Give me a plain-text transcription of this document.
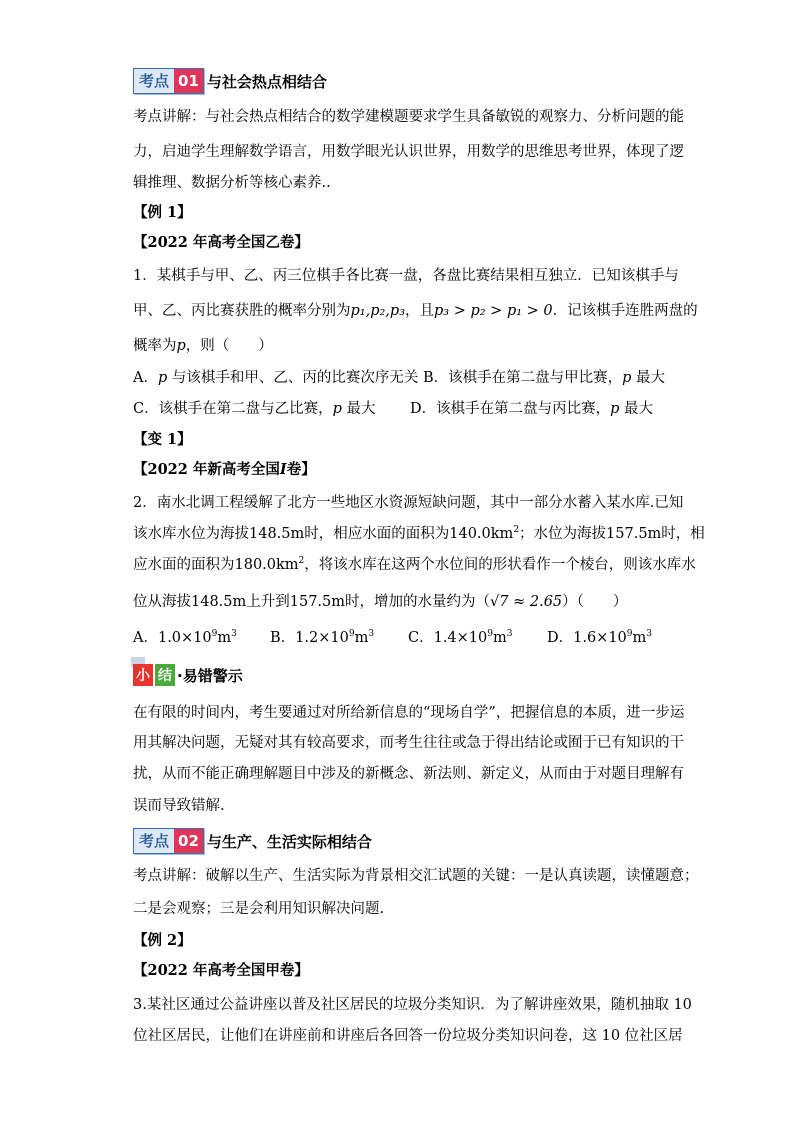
考点 01 与社会热点相结合
考点讲解：与社会热点相结合的数学建模题要求学生具备敏锐的观察力、分析问题的能
力，启迪学生理解数学语言，用数学眼光认识世界，用数学的思维思考世界，体现了逻
辑推理、数据分析等核心素养..
【例 1】
【2022 年高考全国乙卷】
1．某棋手与甲、乙、丙三位棋手各比赛一盘，各盘比赛结果相互独立．已知该棋手与
甲、乙、丙比赛获胜的概率分别为p₁,p₂,p₃，且p₃ > p₂ > p₁ > 0．记该棋手连胜两盘的
概率为p，则（　　）
A．p 与该棋手和甲、乙、丙的比赛次序无关 B．该棋手在第二盘与甲比赛，p 最大
C．该棋手在第二盘与乙比赛，p 最大 D．该棋手在第二盘与丙比赛，p 最大
【变 1】
【2022 年新高考全国I卷】
2．南水北调工程缓解了北方一些地区水资源短缺问题，其中一部分水蓄入某水库.已知
该水库水位为海拔148.5m时，相应水面的面积为$140.0km^2$；水位为海拔157.5m时，相
应水面的面积为$180.0km^2$，将该水库在这两个水位间的形状看作一个棱台，则该水库水
位从海拔148.5m上升到157.5m时，增加的水量约为（√7 ≈ 2.65）（　　）
A．$1.0\times 10^9m^3$ B．$1.2\times 10^9m^3$ C．$1.4\times 10^9m^3$ D．$1.6\times 10^9m^3$
小 结 ·易错警示
在有限的时间内，考生要通过对所给新信息的“现场自学”，把握信息的本质，进一步运
用其解决问题，无疑对其有较高要求，而考生往往或急于得出结论或囿于已有知识的干
扰，从而不能正确理解题目中涉及的新概念、新法则、新定义，从而由于对题目理解有
误而导致错解.
考点 02 与生产、生活实际相结合
考点讲解：破解以生产、生活实际为背景相交汇试题的关键：一是认真读题，读懂题意；
二是会观察；三是会利用知识解决问题.
【例 2】
【2022 年高考全国甲卷】
3.某社区通过公益讲座以普及社区居民的垃圾分类知识．为了解讲座效果，随机抽取 10
位社区居民，让他们在讲座前和讲座后各回答一份垃圾分类知识问卷，这 10 位社区居
